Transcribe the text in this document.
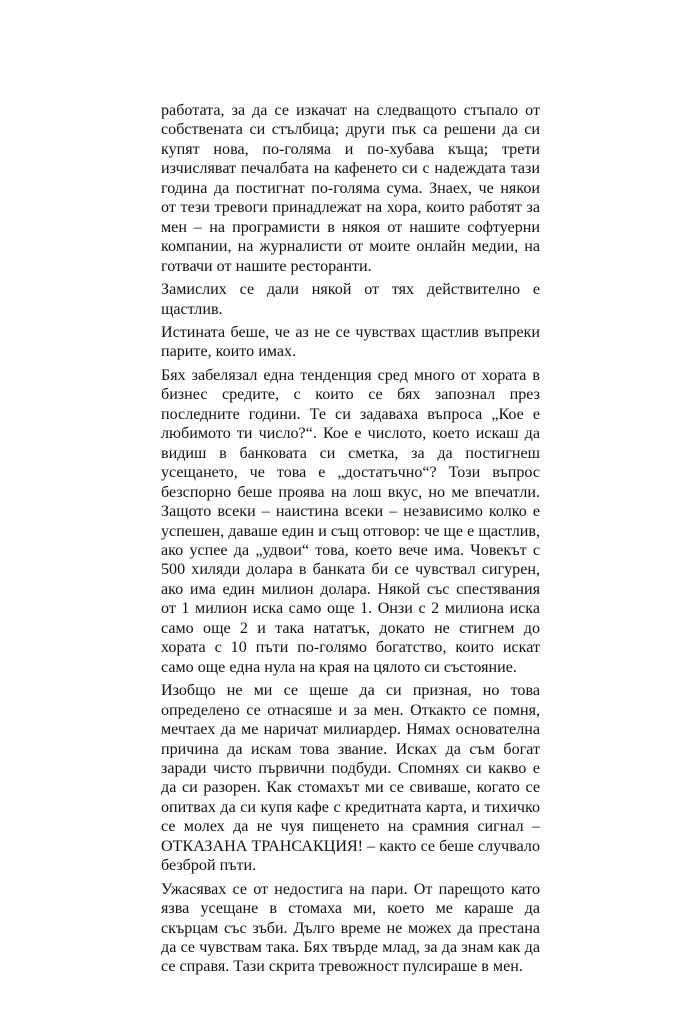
работата, за да се изкачат на следващото стъпало от собствената си стълбица; други пък са решени да си купят нова, по-голяма и по-хубава къща; трети изчисляват печалбата на кафенето си с надеждата тази година да постигнат по-голяма сума. Знаех, че някои от тези тревоги принадлежат на хора, които работят за мен – на програмисти в някоя от нашите софтуерни компании, на журналисти от моите онлайн медии, на готвачи от нашите ресторанти.

Замислих се дали някой от тях действително е щастлив.

Истината беше, че аз не се чувствах щастлив въпреки парите, които имах.

Бях забелязал една тенденция сред много от хората в бизнес средите, с които се бях запознал през последните години. Те си задаваха въпроса „Кое е любимото ти число?“. Кое е числото, което искаш да видиш в банковата си сметка, за да постигнеш усещането, че това е „достатъчно“? Този въпрос безспорно беше проява на лош вкус, но ме впечатли. Защото всеки – наистина всеки – независимо колко е успешен, даваше един и същ отговор: че ще е щастлив, ако успее да „удвои“ това, което вече има. Човекът с 500 хиляди долара в банката би се чувствал сигурен, ако има един милион долара. Някой със спестявания от 1 милион иска само още 1. Онзи с 2 милиона иска само още 2 и така нататък, докато не стигнем до хората с 10 пъти по-голямо богатство, които искат само още една нула на края на цялото си състояние.

Изобщо не ми се щеше да си призная, но това определено се отнасяше и за мен. Откакто се помня, мечтаех да ме наричат милиардер. Нямах основателна причина да искам това звание. Исках да съм богат заради чисто първични подбуди. Спомнях си какво е да си разорен. Как стомахът ми се свиваше, когато се опитвах да си купя кафе с кредитната карта, и тихичко се молех да не чуя пищенето на срамния сигнал – ОТКАЗАНА ТРАНСАКЦИЯ! – както се беше случвало безброй пъти.

Ужасявах се от недостига на пари. От парещото като язва усещане в стомаха ми, което ме караше да скърцам със зъби. Дълго време не можех да престана да се чувствам така. Бях твърде млад, за да знам как да се справя. Тази скрита тревожност пулсираше в мен.
